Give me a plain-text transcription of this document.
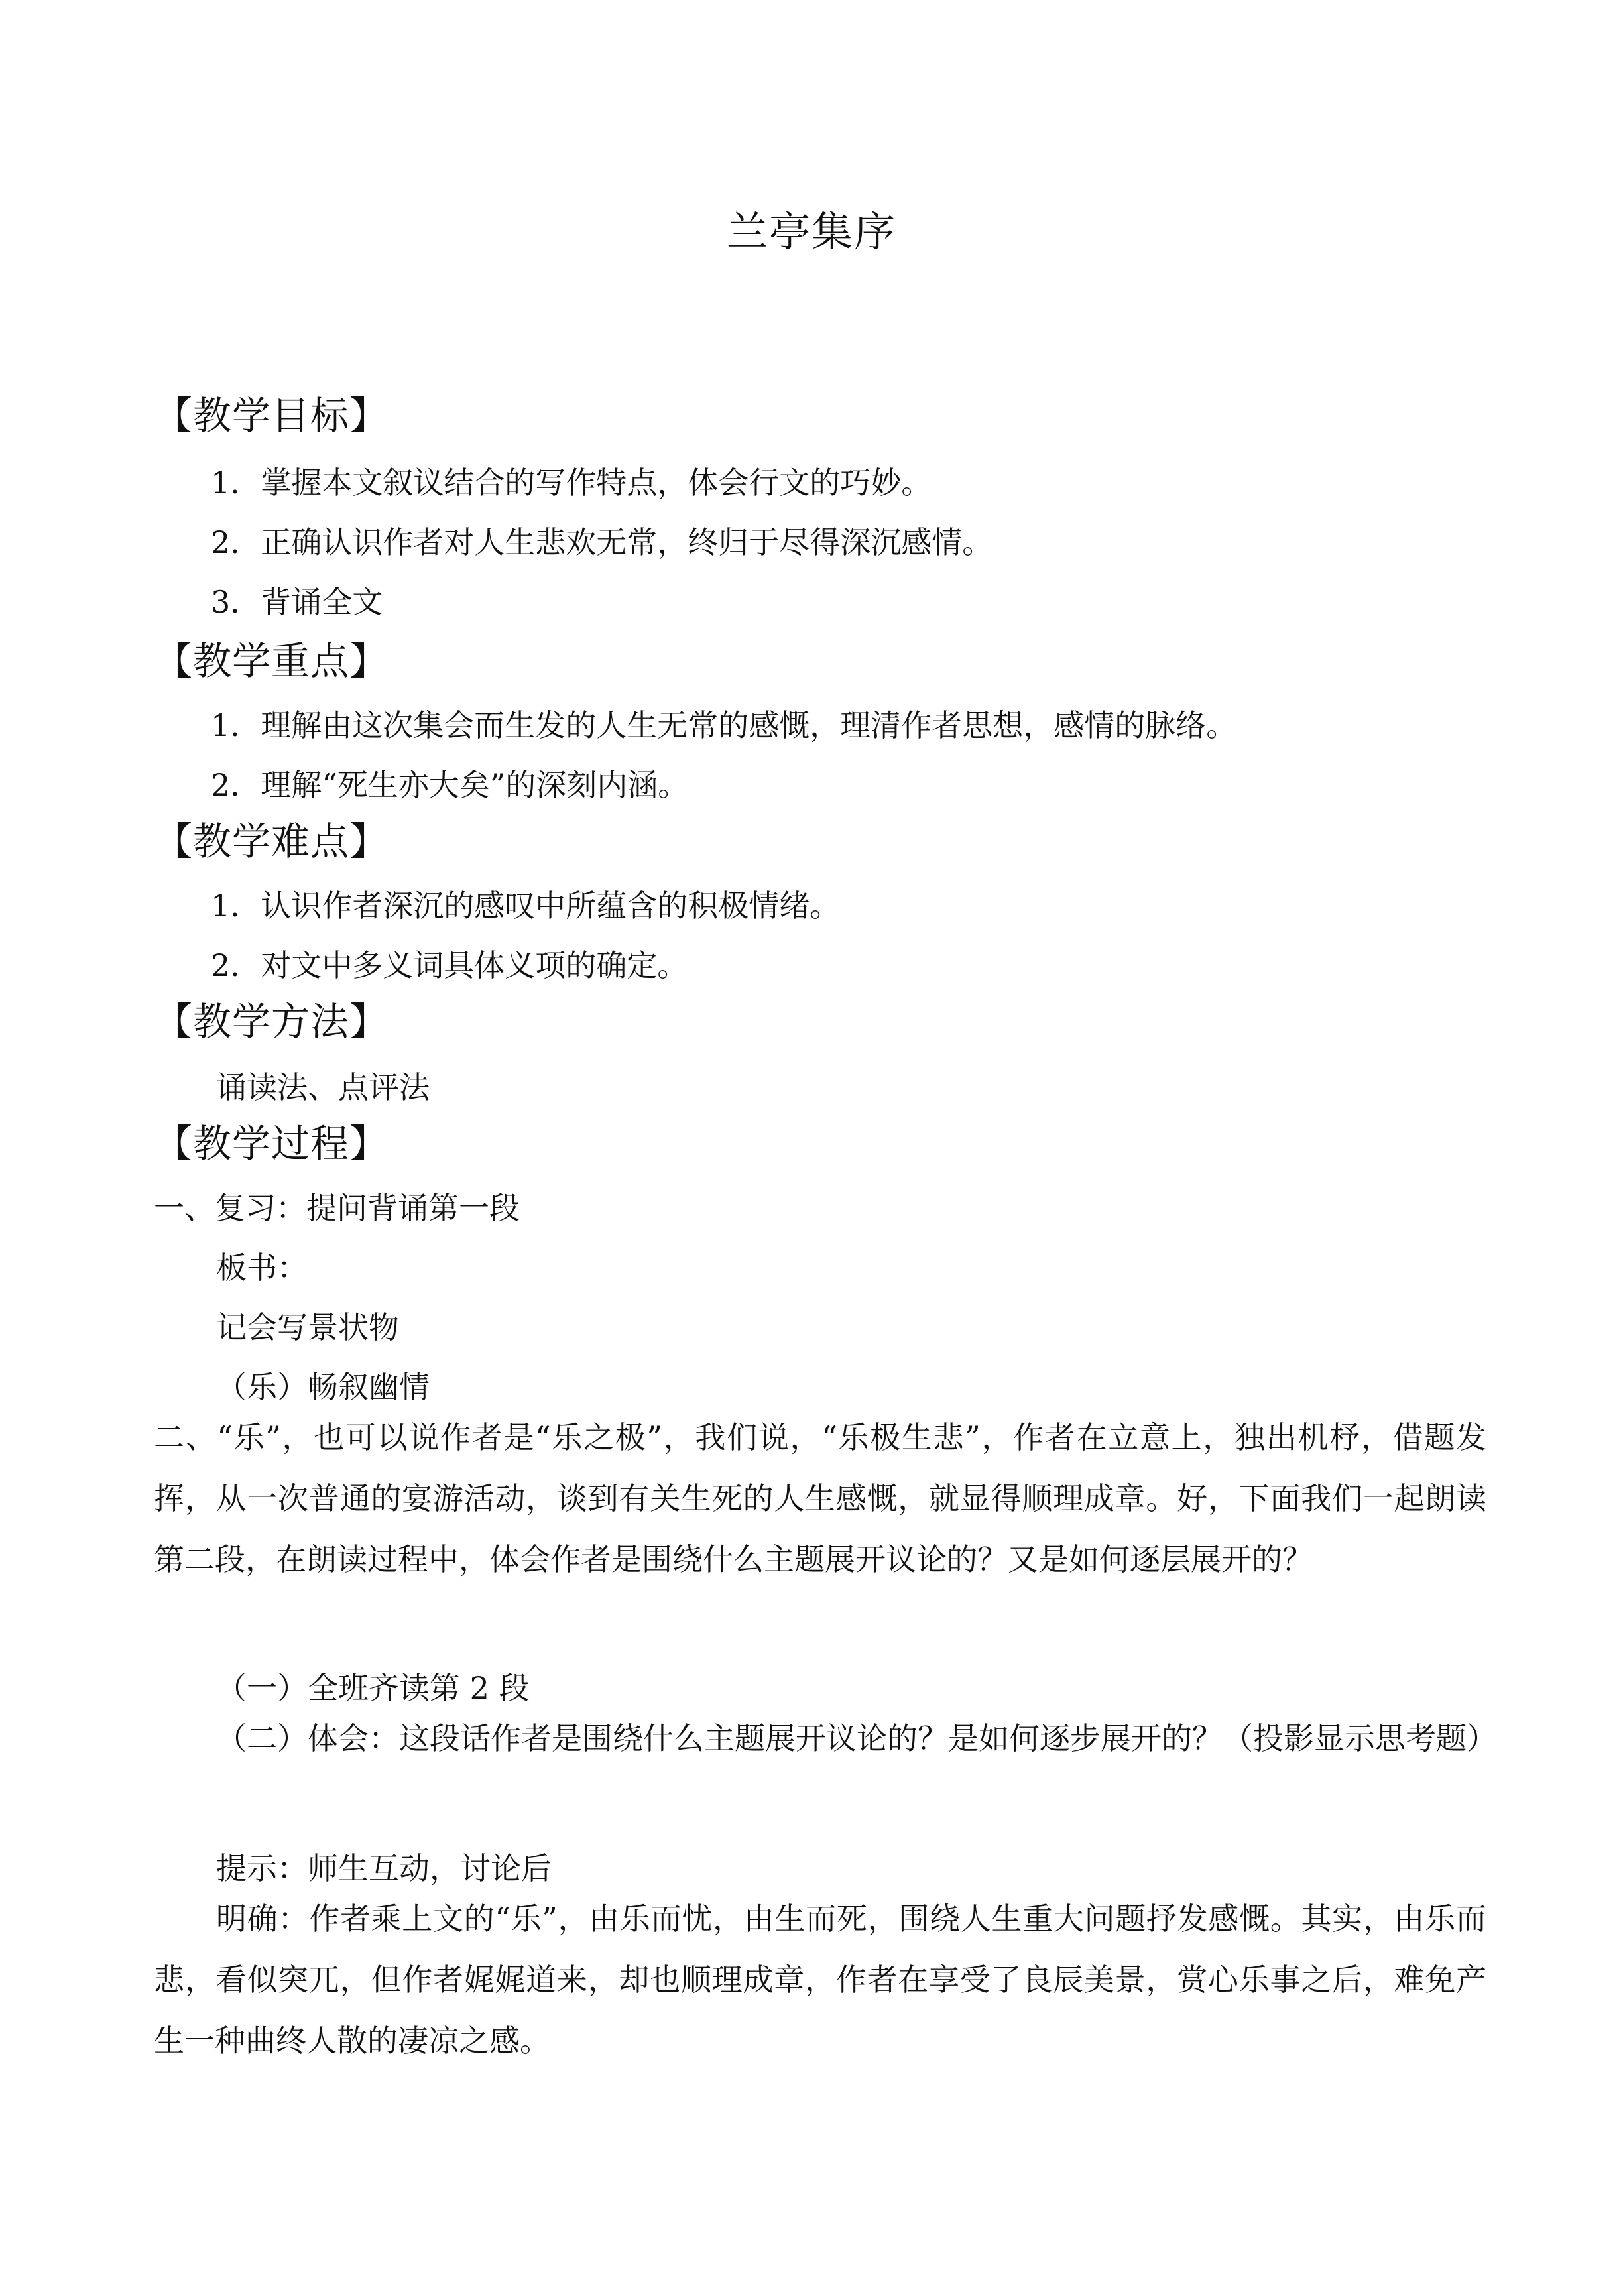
兰亭集序
【教学目标】
1．掌握本文叙议结合的写作特点，体会行文的巧妙。
2．正确认识作者对人生悲欢无常，终归于尽得深沉感情。
3．背诵全文
【教学重点】
1．理解由这次集会而生发的人生无常的感慨，理清作者思想，感情的脉络。
2．理解“死生亦大矣”的深刻内涵。
【教学难点】
1．认识作者深沉的感叹中所蕴含的积极情绪。
2．对文中多义词具体义项的确定。
【教学方法】
诵读法、点评法
【教学过程】
一、复习：提问背诵第一段
板书：
记会写景状物
（乐）畅叙幽情
二、“乐”，也可以说作者是“乐之极”，我们说，“乐极生悲”，作者在立意上，独出机杼，借题发挥，从一次普通的宴游活动，谈到有关生死的人生感慨，就显得顺理成章。好，下面我们一起朗读第二段，在朗读过程中，体会作者是围绕什么主题展开议论的？又是如何逐层展开的？
（一）全班齐读第 2 段
（二）体会：这段话作者是围绕什么主题展开议论的？是如何逐步展开的？（投影显示思考题）
提示：师生互动，讨论后
明确：作者乘上文的“乐”，由乐而忧，由生而死，围绕人生重大问题抒发感慨。其实，由乐而悲，看似突兀，但作者娓娓道来，却也顺理成章，作者在享受了良辰美景，赏心乐事之后，难免产生一种曲终人散的凄凉之感。
